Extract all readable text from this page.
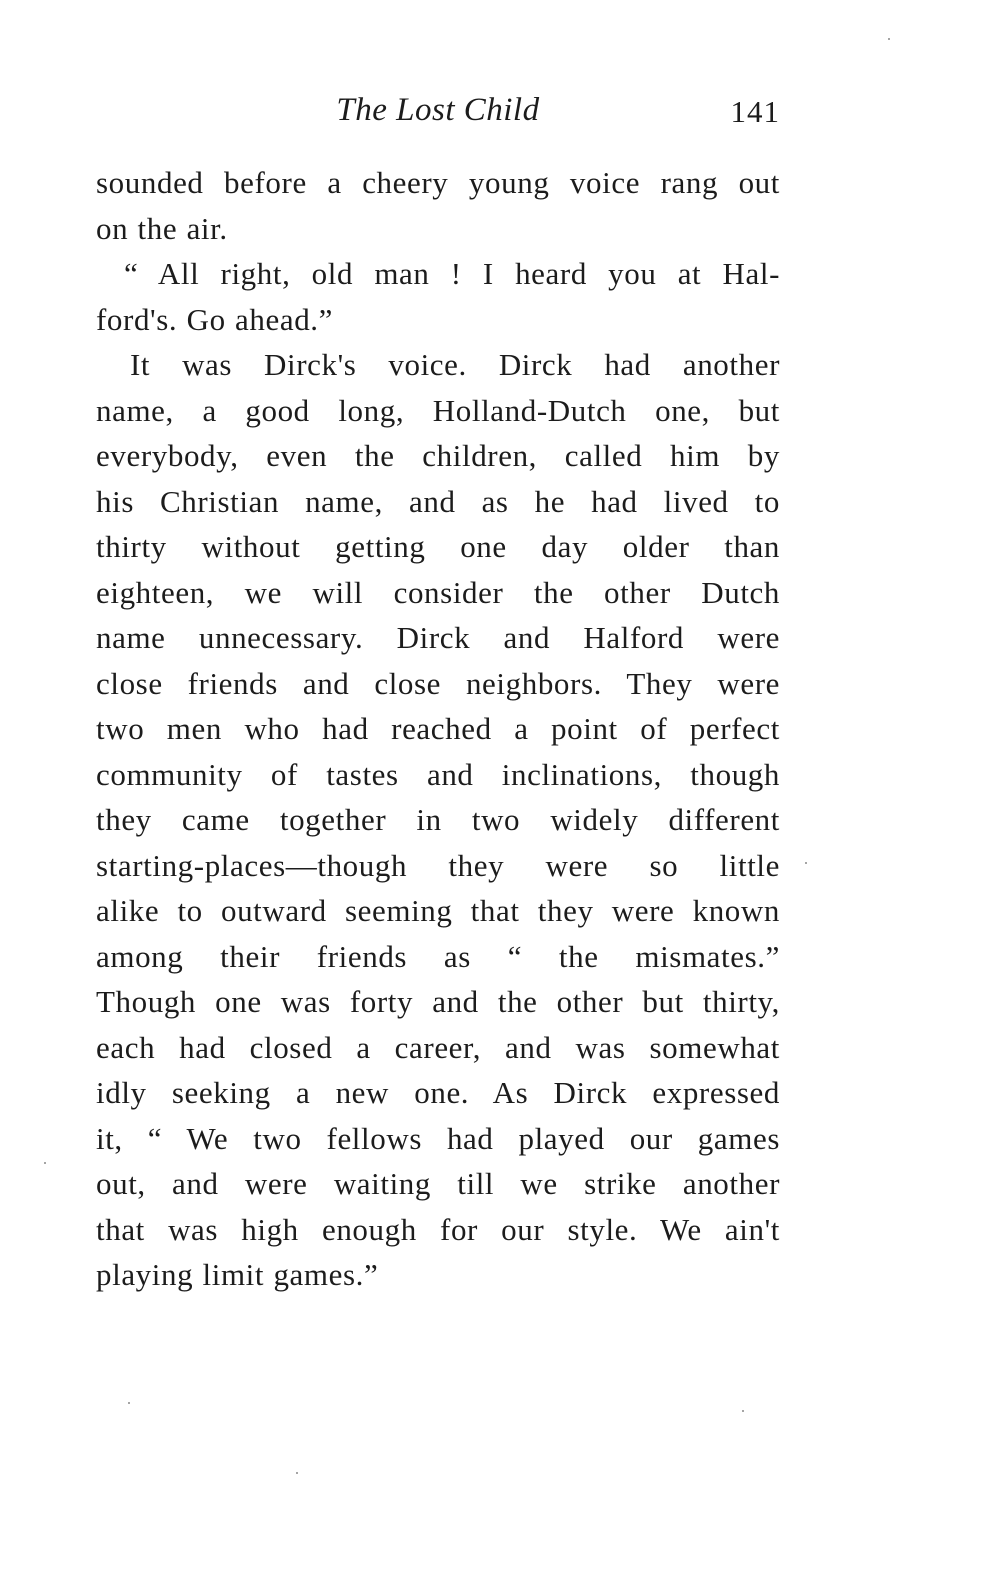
The Lost Child	141
sounded before a cheery young voice rang out
on the air.
“ All right, old man ! I heard you at Hal-
ford's. Go ahead.”
It was Dirck's voice. Dirck had another
name, a good long, Holland-Dutch one, but
everybody, even the children, called him by
his Christian name, and as he had lived to
thirty without getting one day older than
eighteen, we will consider the other Dutch
name unnecessary. Dirck and Halford were
close friends and close neighbors. They were
two men who had reached a point of perfect
community of tastes and inclinations, though
they came together in two widely different
starting-places—though they were so little
alike to outward seeming that they were known
among their friends as “ the mismates.”
Though one was forty and the other but thirty,
each had closed a career, and was somewhat
idly seeking a new one. As Dirck expressed
it, “ We two fellows had played our games
out, and were waiting till we strike another
that was high enough for our style. We ain't
playing limit games.”
